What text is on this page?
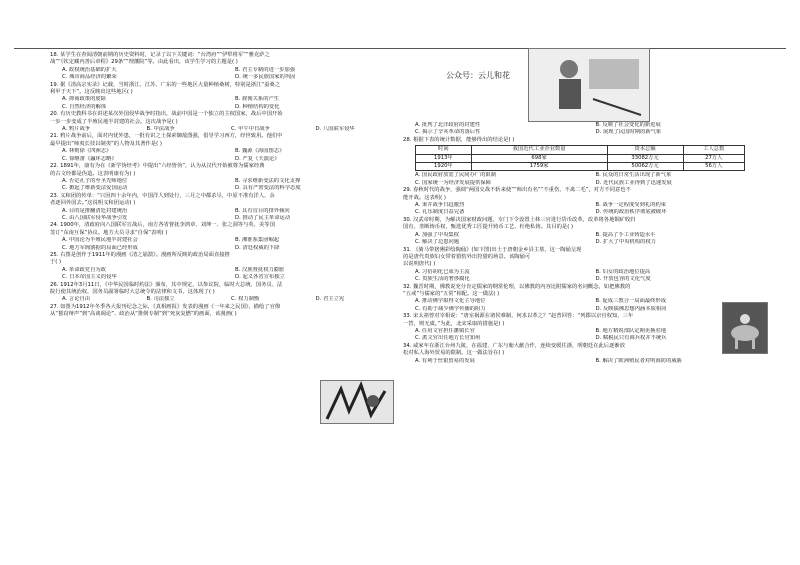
公众号：云儿和花
18. 某学生在查阅清朝前期的历史资料时，记录了以下关键词：“台湾府”“伊犁将军”“雅克萨之
战”“《钦定藏内善后章程》29条”“理藩院”等。由此看出，该学生学习的主题是( )
A. 政权统治基础的扩大	B. 君主专制的进一步加强
C. 城市商品经济的繁荣	D. 统一多民族国家的巩固
19. 据《清高宗实录》记载，当时浙江、江苏、广东的一些地区大量种植桑树，特别是浙江“蚕桑之
利甲于天下”。这反映出这些地区( )
A. 抑商政策的废除	B. 雇佣关系的产生
C. 自然经济的解体	D. 种植结构的变化
20. 有历史教科书在讲述某次外国侵华战争时指出，战前中国是一个独立的主权国家，战后中国开始
一步一步变成了半殖民地半封建的社会。这次战争是( )
A. 鸦片战争	B. 中法战争	C. 甲午中日战争	D. 八国联军侵华
21. 鸦片战争前后，面对内忧外患，一批有识之士探索御敌图强，倡导学习西方，经世致用。他们中
最早提出“师夷长技以制夷”的人物及其著作是( )
A. 林则徐《四洲志》	B. 魏源《海国图志》
C. 徐继畬《瀛环志略》	D. 严复《天演论》
22. 1891年，康有为在《新学伪经考》中提出“六经皆伪”，认为从汉代开始被尊为儒家经典
的古文经都是伪造。这表明康有为( )
A. 否定孔子的至圣先师地位	B. 寻求维新变法的文化支撑
C. 掀起了维新变法爱国运动	D. 具有严密变法的科学态度
23. 义和团的传单：“只因四十余年内，中国洋人到处行，三月之中都杀尽，中原不准有洋人，余
者逐回外国去。”这说明义和团运动( )
A. 目的是推翻清廷封建统治	B. 具有盲目的排外倾向
C. 由八国联军侵华战争引发	D. 推动了民主革命运动
24. 1900年，清政府向八国联军宣战后，南方各省督抚李鸿章、刘坤一、张之洞等与英、美等国
签订“东南互保”协议。地方大员寻求“自保”表明( )
A. 中国沦为半殖民地半封建社会	B. 湘淮系集团崛起
C. 地方军阀割据的局面已经形成	D. 清廷权威的下降
25. 右图是创作于1911年的漫画《清之崩溃》。漫画所反映的政治局面直接推
于( )
A. 革命政党自为政	B. 汉族督抚权力膨胀
C. 日本帝国主义的侵华	D. 起义各省宣布独立
26. 1912年3月11日，《中华民国临时约法》颁布，其中规定，以参议院、临时大总统、国务员、法
院行使其统治权，国务员副署临时大总统令的法律和文书，这体现了( )
A. 言论自由	B. 司法独立	C. 权力制衡	D. 君主立宪
27. 如图为1912年冬季各大报刊纪念之际，《真相画报》发表的漫画《一年来之民国》，描绘了官僚
从“篡窃辩声”到“高谈阔论”、政治从“推倒专制”到“死灰复燃”的画面，该漫画( )
A. 批判了北洋政府的封建性	B. 反映了社会变化的新进展
C. 揭示了辛亥革命的落后性	D. 展现了民国时期的新气象
28. 根据下表的统计数据，能够得出的结论是( )
时间	我国近代工业企业数量	资本总额	工人总数
1913年	698家	33082万元	27万人
1920年	1759家	50062万元	56万人
A. 国民政府放宽了民间办厂的限制	B. 民众的日常生活出现了新气象
C. 国家统一为经济发展提供保障	D. 近代民族工业得到了迅速发展
29. 春秋时代的战争，强调“两国交战不斩来使”“师出有名”“不重伤，不禽二毛”，对方不同意也不
能开战。这表明( )
A. 秉并战争日趋激烈	B. 战争一定程度受到礼的约束
C. 礼乐制度日益完备	D. 传统的政治秩序彻底被破坏
30. 汉武帝时期，为解决国家财政问题，专门下令设置上林三官进行货币改革，改革将各地铜矿收归
国有，垄断铸币权，甄选优秀工匠提升铸币工艺，杜绝私铸。其目的是( )
A. 加强了中央集权	B. 提高了手工业铸造水平
C. 解决了边患问题	D. 扩大了中央机构的权力
31. 《骑马带猞猁彩绘陶俑》(如下图)出土于唐朝金乡县主墓，这一陶俑呈现
的是唐代贵族妇女带着猎豹外出狩猎的场景。该陶俑可
以说明唐代( )
A. 习俗胡化已成为主流	B. 妇女的政治地位提高
C. 贵族生活的奢侈腐化	D. 开放包容的文化气度
32. 魏晋时期，佛教说充分肯定儒家的纲常伦理，以佛教的内容比附儒家的名词概念，如把佛教的
“五戒”与儒家的“五常”相配。这一做法( )
A. 推动佛学取得文化主导地位	B. 促成三教合一局面最终形成
C. 有助于减少佛学传播的阻力	D. 反映儒佛思想内涵本质相同
33. 宋太祖曾对宰相说：“唐室祸源在诸侯难制，何求以革之？”赵普回答：“列郡以京官权知，三年
一替，则无虞。”为此，北宋采取的措施是( )
A. 任用文官担任藩镇长官	B. 地方精锐部队定期更换驻地
C. 派文官出任地方长官知州	D. 赋税民只有调兵权并不统兵
34. 咸家年在浙江台州九陵，在福建、广东与葡大献合作，连续变缓往浙，明朝廷在此后逐渐放
松对私人海外贸易的限制。这一做法旨在( )
A. 有利于丝银贸易的发展	B. 解决了欧洲殖民者对明海防的威胁
